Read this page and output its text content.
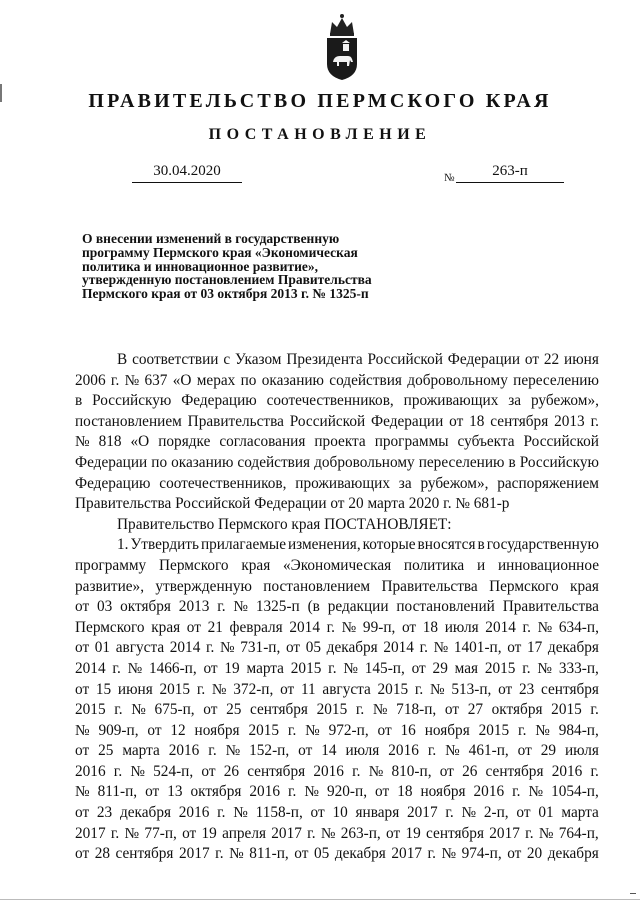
ПРАВИТЕЛЬСТВО ПЕРМСКОГО КРАЯ
ПОСТАНОВЛЕНИЕ
30.04.2020	№	263-п
О внесении изменений в государственную
программу Пермского края «Экономическая
политика и инновационное развитие»,
утвержденную постановлением Правительства
Пермского края от 03 октября 2013 г. № 1325-п
В соответствии с Указом Президента Российской Федерации от 22 июня
2006 г. № 637 «О мерах по оказанию содействия добровольному переселению
в Российскую Федерацию соотечественников, проживающих за рубежом»,
постановлением Правительства Российской Федерации от 18 сентября 2013 г.
№ 818 «О порядке согласования проекта программы субъекта Российской
Федерации по оказанию содействия добровольному переселению в Российскую
Федерацию соотечественников, проживающих за рубежом», распоряжением
Правительства Российской Федерации от 20 марта 2020 г. № 681-р
Правительство Пермского края ПОСТАНОВЛЯЕТ:
1. Утвердить прилагаемые изменения, которые вносятся в государственную
программу Пермского края «Экономическая политика и инновационное
развитие», утвержденную постановлением Правительства Пермского края
от 03 октября 2013 г. № 1325-п (в редакции постановлений Правительства
Пермского края от 21 февраля 2014 г. № 99-п, от 18 июля 2014 г. № 634-п,
от 01 августа 2014 г. № 731-п, от 05 декабря 2014 г. № 1401-п, от 17 декабря
2014 г. № 1466-п, от 19 марта 2015 г. № 145-п, от 29 мая 2015 г. № 333-п,
от 15 июня 2015 г. № 372-п, от 11 августа 2015 г. № 513-п, от 23 сентября
2015 г. № 675-п, от 25 сентября 2015 г. № 718-п, от 27 октября 2015 г.
№ 909-п, от 12 ноября 2015 г. № 972-п, от 16 ноября 2015 г. № 984-п,
от 25 марта 2016 г. № 152-п, от 14 июля 2016 г. № 461-п, от 29 июля
2016 г. № 524-п, от 26 сентября 2016 г. № 810-п, от 26 сентября 2016 г.
№ 811-п, от 13 октября 2016 г. № 920-п, от 18 ноября 2016 г. № 1054-п,
от 23 декабря 2016 г. № 1158-п, от 10 января 2017 г. № 2-п, от 01 марта
2017 г. № 77-п, от 19 апреля 2017 г. № 263-п, от 19 сентября 2017 г. № 764-п,
от 28 сентября 2017 г. № 811-п, от 05 декабря 2017 г. № 974-п, от 20 декабря
